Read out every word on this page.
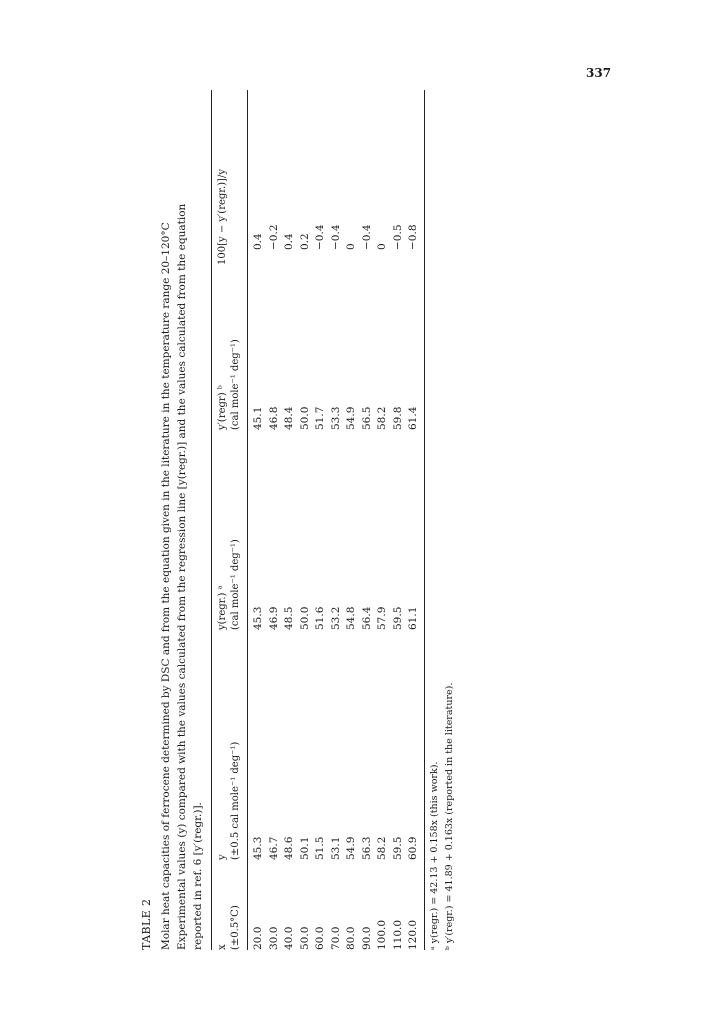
337
TABLE 2 Molar heat capacities of ferrocene determined by DSC and from the equation given in the literature in the temperature range 20–120°C Experimental values (y) compared with the values calculated from the regression line [y(regr.)] and the values calculated from the equation reported in ref. 6 [y′(regr.)]. x (±0.5°C)
y (±0.5 cal mole⁻¹ deg⁻¹)
y(regr.) ᵃ (cal mole⁻¹ deg⁻¹)
y′(regr) ᵇ (cal mole⁻¹ deg⁻¹)
100[y − y′(regr.)]/y
20.0
45.3
45.3
45.1
0.4
30.0
46.7
46.9
46.8
−0.2
40.0
48.6
48.5
48.4
0.4
50.0
50.1
50.0
50.0
0.2
60.0
51.5
51.6
51.7
−0.4
70.0
53.1
53.2
53.3
−0.4
80.0
54.9
54.8
54.9
0
90.0
56.3
56.4
56.5
−0.4
100.0
58.2
57.9
58.2
0
110.0
59.5
59.5
59.8
−0.5
120.0
60.9
61.1
61.4
−0.8
ᵃ y(regr.) = 42.13 + 0.158x (this work). ᵇ y′(regr.) = 41.89 + 0.163x (reported in the literature).
